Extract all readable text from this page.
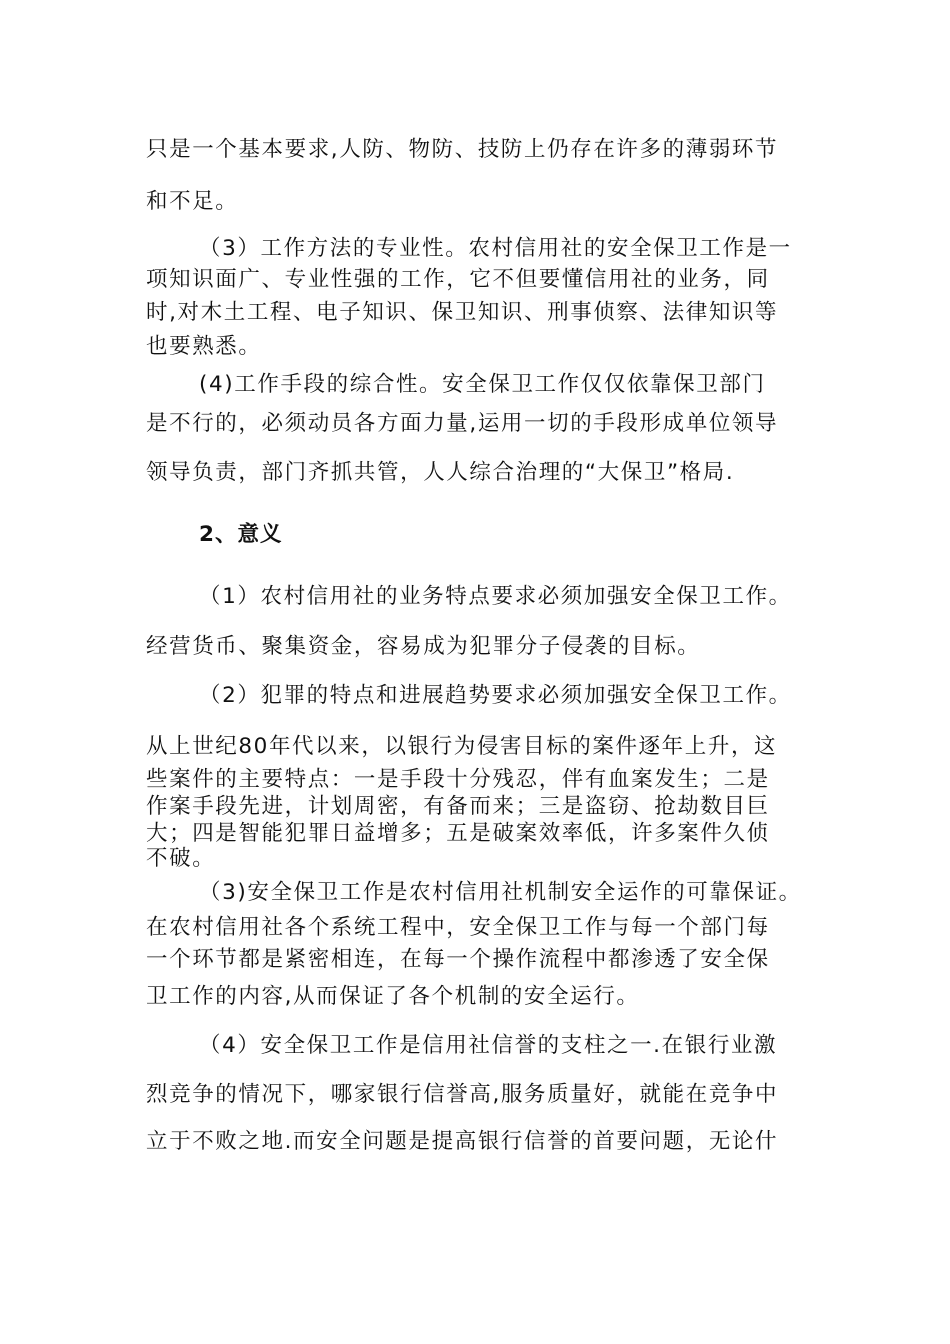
只是一个基本要求,人防、物防、技防上仍存在许多的薄弱环节
和不足。
（3）工作方法的专业性。农村信用社的安全保卫工作是一
项知识面广、专业性强的工作，它不但要懂信用社的业务，同
时,对木土工程、电子知识、保卫知识、刑事侦察、法律知识等
也要熟悉。
(4)工作手段的综合性。安全保卫工作仅仅依靠保卫部门
是不行的，必须动员各方面力量,运用一切的手段形成单位领导
领导负责，部门齐抓共管，人人综合治理的“大保卫”格局.
2、意义
（1）农村信用社的业务特点要求必须加强安全保卫工作。
经营货币、聚集资金，容易成为犯罪分子侵袭的目标。
（2）犯罪的特点和进展趋势要求必须加强安全保卫工作。
从上世纪80年代以来，以银行为侵害目标的案件逐年上升，这
些案件的主要特点：一是手段十分残忍，伴有血案发生；二是
作案手段先进，计划周密，有备而来；三是盗窃、抢劫数目巨
大；四是智能犯罪日益增多；五是破案效率低，许多案件久侦
不破。
（3)安全保卫工作是农村信用社机制安全运作的可靠保证。
在农村信用社各个系统工程中，安全保卫工作与每一个部门每
一个环节都是紧密相连，在每一个操作流程中都渗透了安全保
卫工作的内容,从而保证了各个机制的安全运行。
（4）安全保卫工作是信用社信誉的支柱之一.在银行业激
烈竞争的情况下，哪家银行信誉高,服务质量好，就能在竞争中
立于不败之地.而安全问题是提高银行信誉的首要问题，无论什
